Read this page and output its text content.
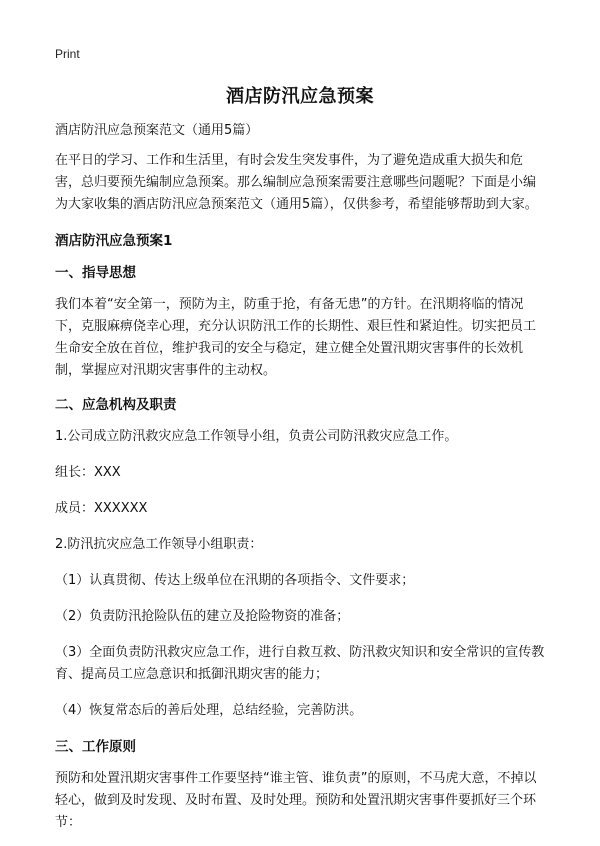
Print
酒店防汛应急预案

酒店防汛应急预案范文（通用5篇）

在平日的学习、工作和生活里，有时会发生突发事件，为了避免造成重大损失和危害，总归要预先编制应急预案。那么编制应急预案需要注意哪些问题呢？下面是小编为大家收集的酒店防汛应急预案范文（通用5篇），仅供参考，希望能够帮助到大家。

酒店防汛应急预案1
一、指导思想

我们本着“安全第一，预防为主，防重于抢，有备无患”的方针。在汛期将临的情况下，克服麻痹侥幸心理，充分认识防汛工作的长期性、艰巨性和紧迫性。切实把员工生命安全放在首位，维护我司的安全与稳定，建立健全处置汛期灾害事件的长效机制，掌握应对汛期灾害事件的主动权。

二、应急机构及职责

1.公司成立防汛救灾应急工作领导小组，负责公司防汛救灾应急工作。

组长：XXX

成员：XXXXXX

2.防汛抗灾应急工作领导小组职责：

（1）认真贯彻、传达上级单位在汛期的各项指令、文件要求；

（2）负责防汛抢险队伍的建立及抢险物资的准备；

（3）全面负责防汛救灾应急工作，进行自救互救、防汛救灾知识和安全常识的宣传教育、提高员工应急意识和抵御汛期灾害的能力；

（4）恢复常态后的善后处理，总结经验，完善防洪。

三、工作原则

预防和处置汛期灾害事件工作要坚持“谁主管、谁负责”的原则，不马虎大意，不掉以轻心，做到及时发现、及时布置、及时处理。预防和处置汛期灾害事件要抓好三个环节：
